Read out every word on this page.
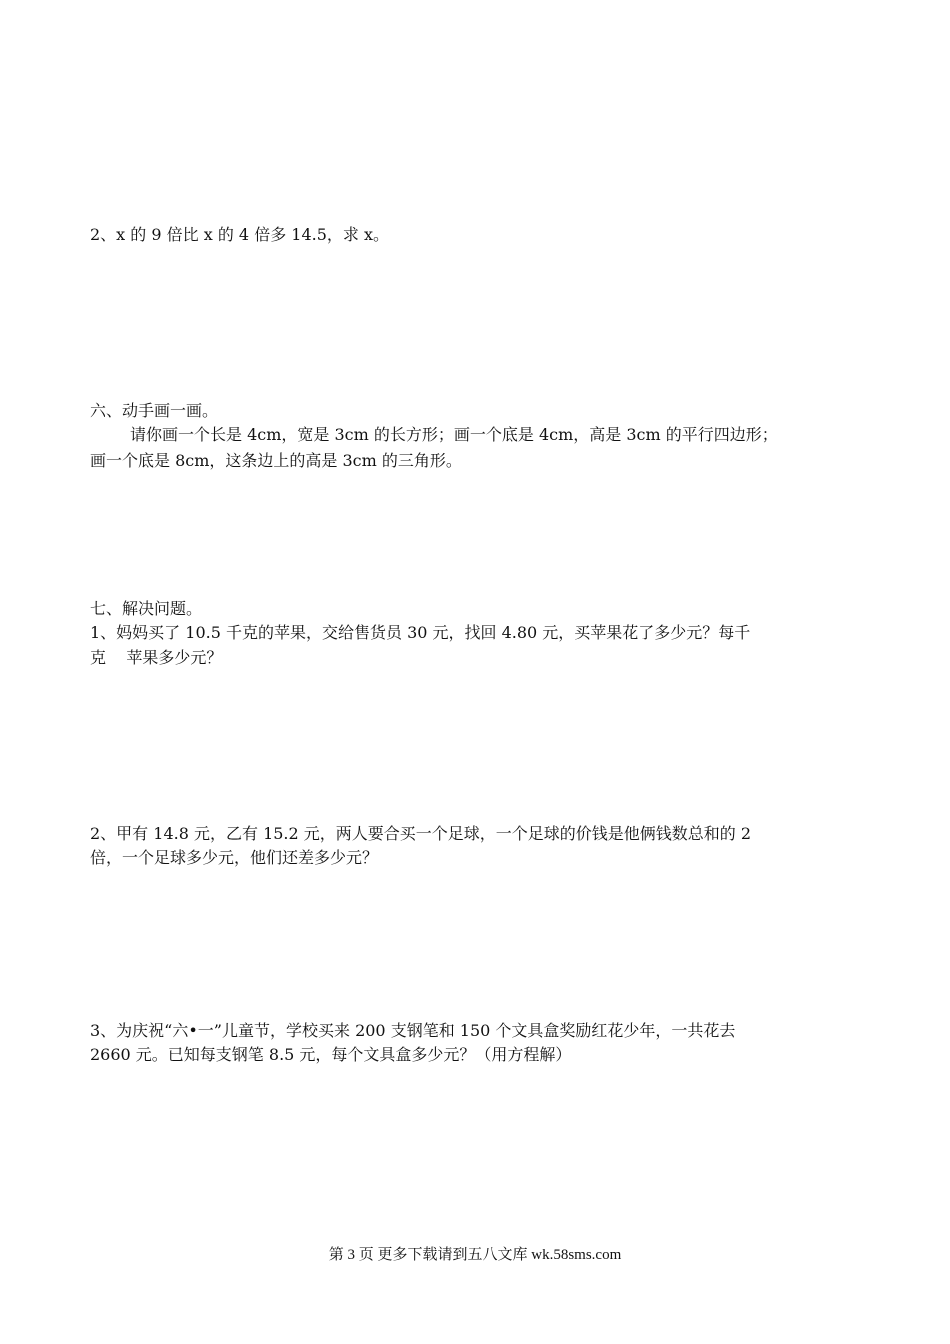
2、x 的 9 倍比 x 的 4 倍多 14.5，求 x。
六、动手画一画。
请你画一个长是 4cm，宽是 3cm 的长方形；画一个底是 4cm，高是 3cm 的平行四边形；
画一个底是 8cm，这条边上的高是 3cm 的三角形。
七、解决问题。
1、妈妈买了 10.5 千克的苹果，交给售货员 30 元，找回 4.80 元，买苹果花了多少元？每千
克    苹果多少元？
2、甲有 14.8 元，乙有 15.2 元，两人要合买一个足球，一个足球的价钱是他俩钱数总和的 2
倍，一个足球多少元，他们还差多少元？
3、为庆祝“六•一”儿童节，学校买来 200 支钢笔和 150 个文具盒奖励红花少年，一共花去
2660 元。已知每支钢笔 8.5 元，每个文具盒多少元？（用方程解）
第 3 页 更多下载请到五八文库 wk.58sms.com
